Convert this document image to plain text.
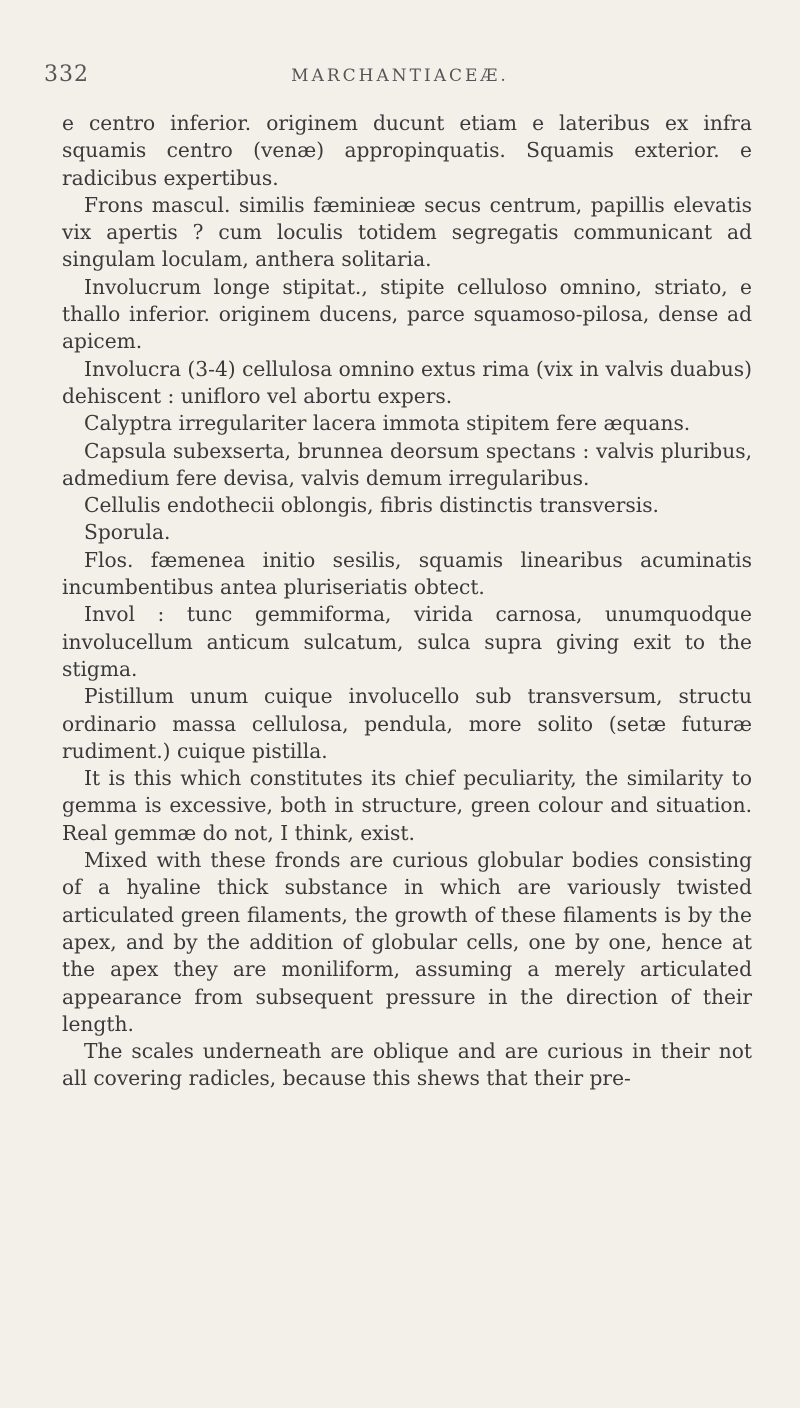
332	MARCHANTIACEÆ.

e centro inferior. originem ducunt etiam e lateribus ex infra squamis centro (venæ) appropinquatis. Squamis exterior. e radicibus expertibus.

Frons mascul. similis fæminieæ secus centrum, papillis elevatis vix apertis ? cum loculis totidem segregatis communicant ad singulam loculam, anthera solitaria.

Involucrum longe stipitat., stipite celluloso omnino, striato, e thallo inferior. originem ducens, parce squamoso-pilosa, dense ad apicem.

Involucra (3-4) cellulosa omnino extus rima (vix in valvis duabus) dehiscent : unifloro vel abortu expers.

Calyptra irregulariter lacera immota stipitem fere æquans.

Capsula subexserta, brunnea deorsum spectans : valvis pluribus, admedium fere devisa, valvis demum irregularibus.

Cellulis endothecii oblongis, fibris distinctis transversis.

Sporula.

Flos. fæmenea initio sesilis, squamis linearibus acuminatis incumbentibus antea pluriseriatis obtect.

Invol : tunc gemmiforma, virida carnosa, unumquodque involucellum anticum sulcatum, sulca supra giving exit to the stigma.

Pistillum unum cuique involucello sub transversum, structu ordinario massa cellulosa, pendula, more solito (setæ futuræ rudiment.) cuique pistilla.

It is this which constitutes its chief peculiarity, the similarity to gemma is excessive, both in structure, green colour and situation. Real gemmæ do not, I think, exist.

Mixed with these fronds are curious globular bodies consisting of a hyaline thick substance in which are variously twisted articulated green filaments, the growth of these filaments is by the apex, and by the addition of globular cells, one by one, hence at the apex they are moniliform, assuming a merely articulated appearance from subsequent pressure in the direction of their length.

The scales underneath are oblique and are curious in their not all covering radicles, because this shews that their pre-
